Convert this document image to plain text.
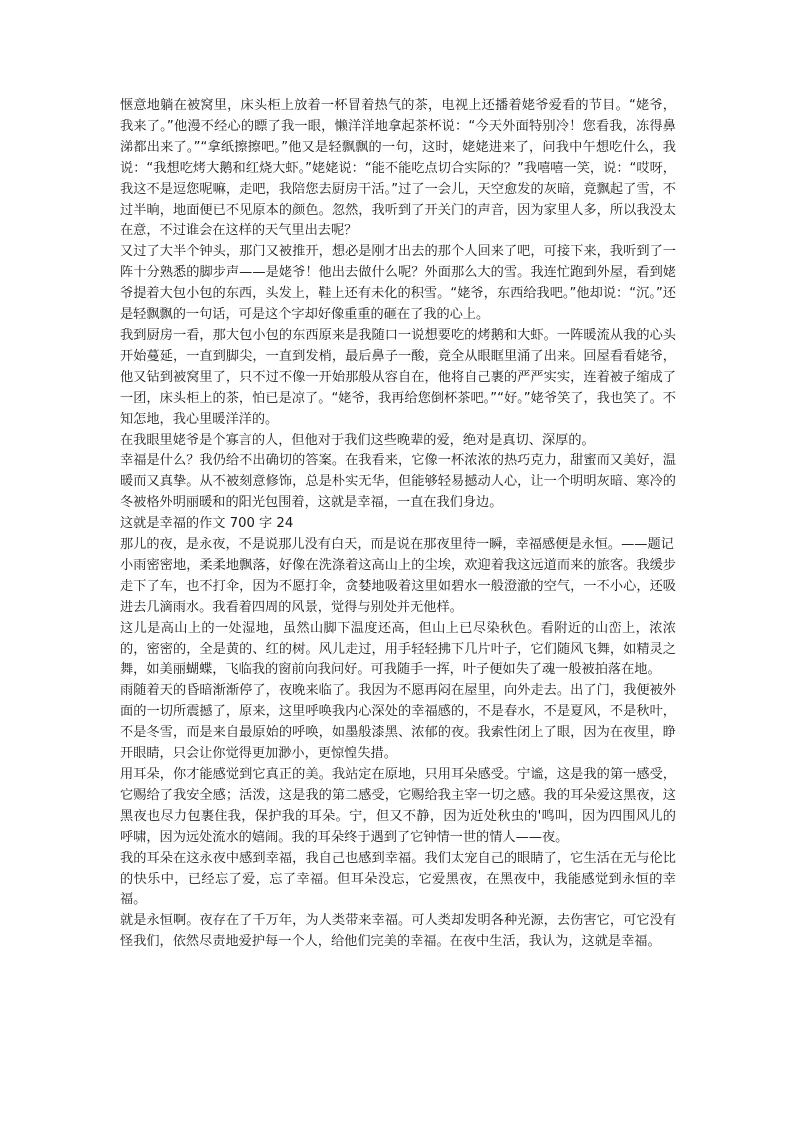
惬意地躺在被窝里，床头柜上放着一杯冒着热气的茶，电视上还播着姥爷爱看的节目。“姥爷，我来了。”他漫不经心的瞟了我一眼，懒洋洋地拿起茶杯说：“今天外面特别冷！您看我，冻得鼻涕都出来了。”“拿纸擦擦吧。”他又是轻飘飘的一句，这时，姥姥进来了，问我中午想吃什么，我说：“我想吃烤大鹅和红烧大虾。”姥姥说：“能不能吃点切合实际的？”我嘻嘻一笑，说：“哎呀，我这不是逗您呢嘛，走吧，我陪您去厨房干活。”过了一会儿，天空愈发的灰暗，竟飘起了雪，不过半晌，地面便已不见原本的颜色。忽然，我听到了开关门的声音，因为家里人多，所以我没太在意，不过谁会在这样的天气里出去呢？

又过了大半个钟头，那门又被推开，想必是刚才出去的那个人回来了吧，可接下来，我听到了一阵十分熟悉的脚步声——是姥爷！他出去做什么呢？外面那么大的雪。我连忙跑到外屋，看到姥爷提着大包小包的东西，头发上，鞋上还有未化的积雪。“姥爷，东西给我吧。”他却说：“沉。”还是轻飘飘的一句话，可是这个字却好像重重的砸在了我的心上。

我到厨房一看，那大包小包的东西原来是我随口一说想要吃的烤鹅和大虾。一阵暖流从我的心头开始蔓延，一直到脚尖，一直到发梢，最后鼻子一酸，竟全从眼眶里涌了出来。回屋看看姥爷，他又钻到被窝里了，只不过不像一开始那般从容自在，他将自己裹的严严实实，连着被子缩成了一团，床头柜上的茶，怕已是凉了。“姥爷，我再给您倒杯茶吧。”“好。”姥爷笑了，我也笑了。不知怎地，我心里暖洋洋的。

在我眼里姥爷是个寡言的人，但他对于我们这些晚辈的爱，绝对是真切、深厚的。

幸福是什么？我仍给不出确切的答案。在我看来，它像一杯浓浓的热巧克力，甜蜜而又美好，温暖而又真挚。从不被刻意修饰，总是朴实无华，但能够轻易撼动人心，让一个明明灰暗、寒冷的冬被格外明丽暖和的阳光包围着，这就是幸福，一直在我们身边。

这就是幸福的作文 700 字 24

那儿的夜，是永夜，不是说那儿没有白天，而是说在那夜里待一瞬，幸福感便是永恒。——题记

小雨密密地，柔柔地飘落，好像在洗涤着这高山上的尘埃，欢迎着我这远道而来的旅客。我缓步走下了车，也不打伞，因为不愿打伞，贪婪地吸着这里如碧水一般澄澈的空气，一不小心，还吸进去几滴雨水。我看着四周的风景，觉得与别处并无他样。

这儿是高山上的一处湿地，虽然山脚下温度还高，但山上已尽染秋色。看附近的山峦上，浓浓的，密密的，全是黄的、红的树。风儿走过，用手轻轻拂下几片叶子，它们随风飞舞，如精灵之舞，如美丽蝴蝶，飞临我的窗前向我问好。可我随手一挥，叶子便如失了魂一般被拍落在地。

雨随着天的昏暗渐渐停了，夜晚来临了。我因为不愿再闷在屋里，向外走去。出了门，我便被外面的一切所震撼了，原来，这里呼唤我内心深处的幸福感的，不是春水，不是夏风，不是秋叶，不是冬雪，而是来自最原始的呼唤，如墨般漆黑、浓郁的夜。我索性闭上了眼，因为在夜里，睁开眼睛，只会让你觉得更加渺小，更惊惶失措。

用耳朵，你才能感觉到它真正的美。我站定在原地，只用耳朵感受。宁谧，这是我的第一感受，它赐给了我安全感；活泼，这是我的第二感受，它赐给我主宰一切之感。我的耳朵爱这黑夜，这黑夜也尽力包裹住我，保护我的耳朵。宁，但又不静，因为近处秋虫的'鸣叫，因为四围风儿的呼啸，因为远处流水的嬉闹。我的耳朵终于遇到了它钟情一世的情人——夜。

我的耳朵在这永夜中感到幸福，我自己也感到幸福。我们太宠自己的眼睛了，它生活在无与伦比的快乐中，已经忘了爱，忘了幸福。但耳朵没忘，它爱黑夜，在黑夜中，我能感觉到永恒的幸福。

就是永恒啊。夜存在了千万年，为人类带来幸福。可人类却发明各种光源，去伤害它，可它没有怪我们，依然尽责地爱护每一个人，给他们完美的幸福。在夜中生活，我认为，这就是幸福。
